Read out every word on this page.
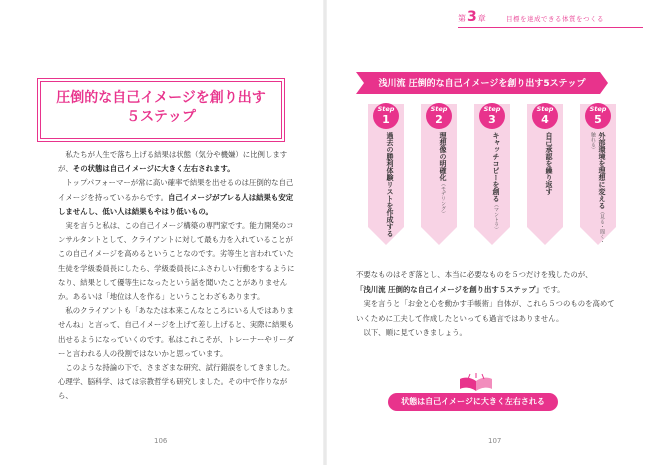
圧倒的な自己イメージを創り出す
５ステップ

私たちが人生で落ち上げる結果は状態（気分や機嫌）に比例しますが、その状態は自己イメージに大きく左右されます。

トップパフォーマーが常に高い確率で結果を出せるのは圧倒的な自己イメージを持っているからです。自己イメージがブレる人は結果も安定しませんし、低い人は結果もやはり低いもの。

実を言うと私は、この自己イメージ構築の専門家です。能力開発のコンサルタントとして、クライアントに対して最も力を入れていることがこの自己イメージを高めるということなのです。劣等生と言われていた生徒を学級委員長にしたら、学級委員長にふさわしい行動をするようになり、結果として優等生になったという話を聞いたことがありませんか。あるいは「地位は人を作る」ということわざもあります。

私のクライアントも「あなたは本来こんなところにいる人ではありませんね」と言って、自己イメージを上げて差し上げると、実際に結果も出せるようになっていくのです。私はこれこそが、トレーナーやリーダーと言われる人の役割ではないかと思っています。

このような持論の下で、さまざまな研究、試行錯誤をしてきました。心理学、脳科学、はては宗教哲学も研究しました。その中で作りながら、

106
第3章	目標を達成できる体質をつくる
浅川流 圧倒的な自己イメージを創り出す5ステップ
Step
1
過去の勝利体験リストを作成する
Step
2
理想像の明確化（モデリング）
Step
3
キャッチコピーを創る（マントラ）
Step
4
自己承認を繰り返す
Step
5
外部環境を理想に変える（見る・聞く・触れる）

不要なものはそぎ落とし、本当に必要なものを５つだけを残したのが、

「浅川流 圧倒的な自己イメージを創り出す５ステップ」です。

実を言うと「お金と心を動かす手帳術」自体が、これら５つのものを高めていくために工夫して作成したといっても過言ではありません。

以下、順に見ていきましょう。

状態は自己イメージに大きく左右される
107
